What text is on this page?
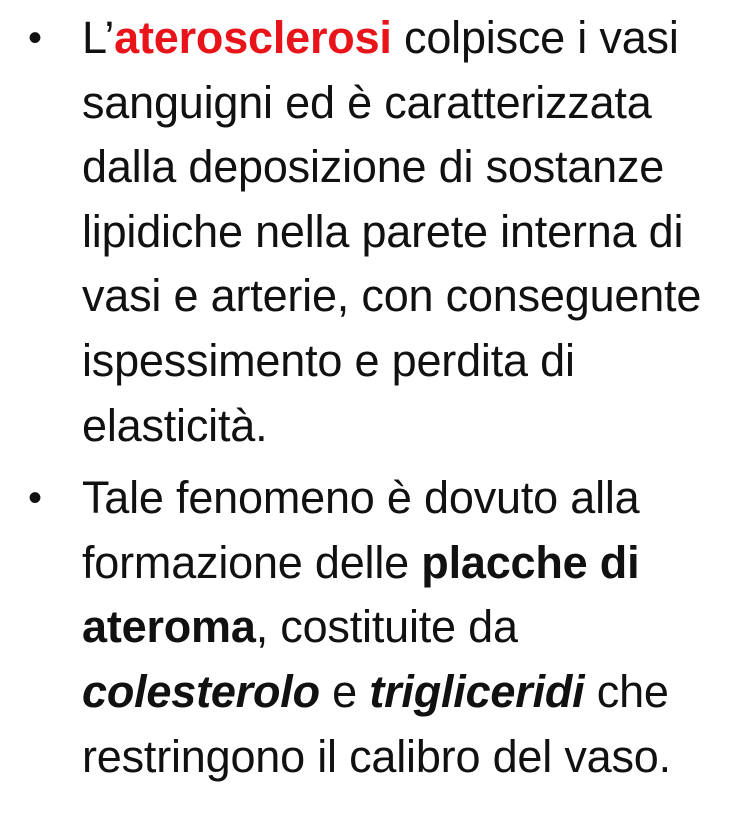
• L’aterosclerosi colpisce i vasi sanguigni ed è caratterizzata dalla deposizione di sostanze lipidiche nella parete interna di vasi e arterie, con conseguente ispessimento e perdita di elasticità.
• Tale fenomeno è dovuto alla formazione delle placche di ateroma, costituite da colesterolo e trigliceridi che restringono il calibro del vaso.
